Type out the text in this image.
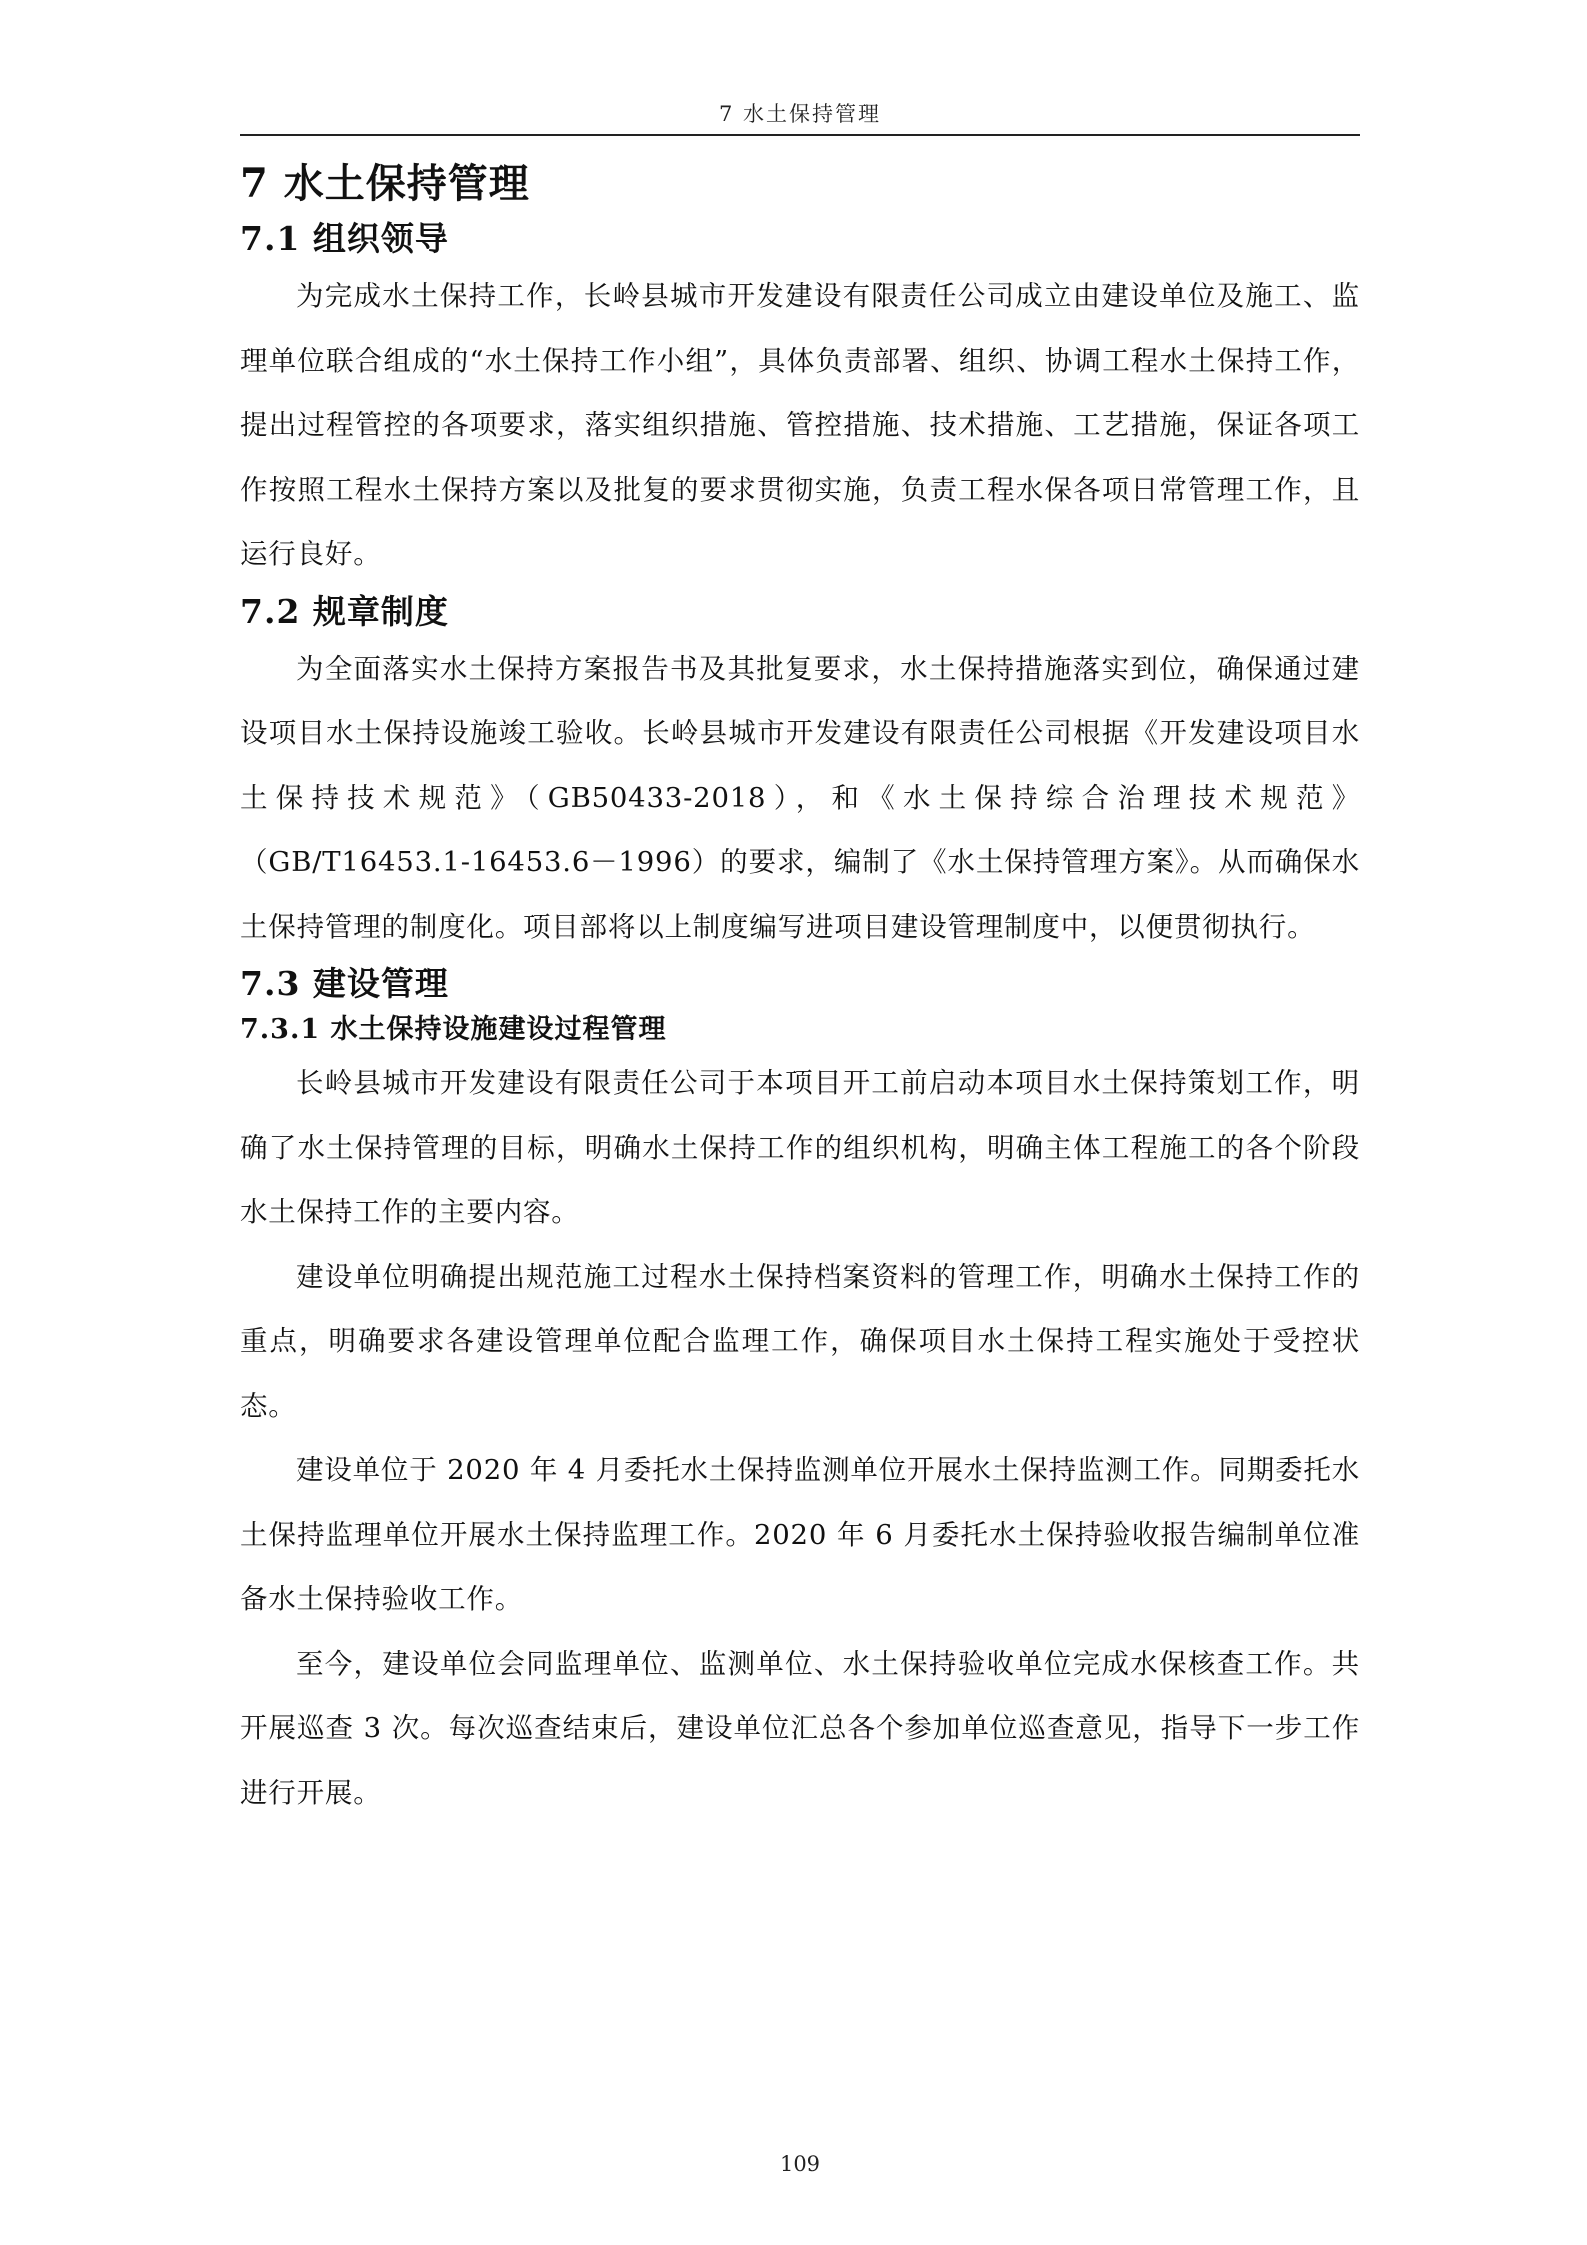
7 水土保持管理
7 水土保持管理
7.1 组织领导

为完成水土保持工作，长岭县城市开发建设有限责任公司成立由建设单位及施工、监理单位联合组成的“水土保持工作小组”，具体负责部署、组织、协调工程水土保持工作，提出过程管控的各项要求，落实组织措施、管控措施、技术措施、工艺措施，保证各项工作按照工程水土保持方案以及批复的要求贯彻实施，负责工程水保各项日常管理工作，且运行良好。

7.2 规章制度

为全面落实水土保持方案报告书及其批复要求，水土保持措施落实到位，确保通过建设项目水土保持设施竣工验收。长岭县城市开发建设有限责任公司根据《开发建设项目水土保持技术规范》（GB50433-2018），和《水土保持综合治理技术规范》（GB/T16453.1-16453.6－1996）的要求，编制了《水土保持管理方案》。从而确保水土保持管理的制度化。项目部将以上制度编写进项目建设管理制度中，以便贯彻执行。

7.3 建设管理
7.3.1 水土保持设施建设过程管理

长岭县城市开发建设有限责任公司于本项目开工前启动本项目水土保持策划工作，明确了水土保持管理的目标，明确水土保持工作的组织机构，明确主体工程施工的各个阶段水土保持工作的主要内容。

建设单位明确提出规范施工过程水土保持档案资料的管理工作，明确水土保持工作的重点，明确要求各建设管理单位配合监理工作，确保项目水土保持工程实施处于受控状态。

建设单位于 2020 年 4 月委托水土保持监测单位开展水土保持监测工作。同期委托水土保持监理单位开展水土保持监理工作。2020 年 6 月委托水土保持验收报告编制单位准备水土保持验收工作。

至今，建设单位会同监理单位、监测单位、水土保持验收单位完成水保核查工作。共开展巡查 3 次。每次巡查结束后，建设单位汇总各个参加单位巡查意见，指导下一步工作进行开展。

109
